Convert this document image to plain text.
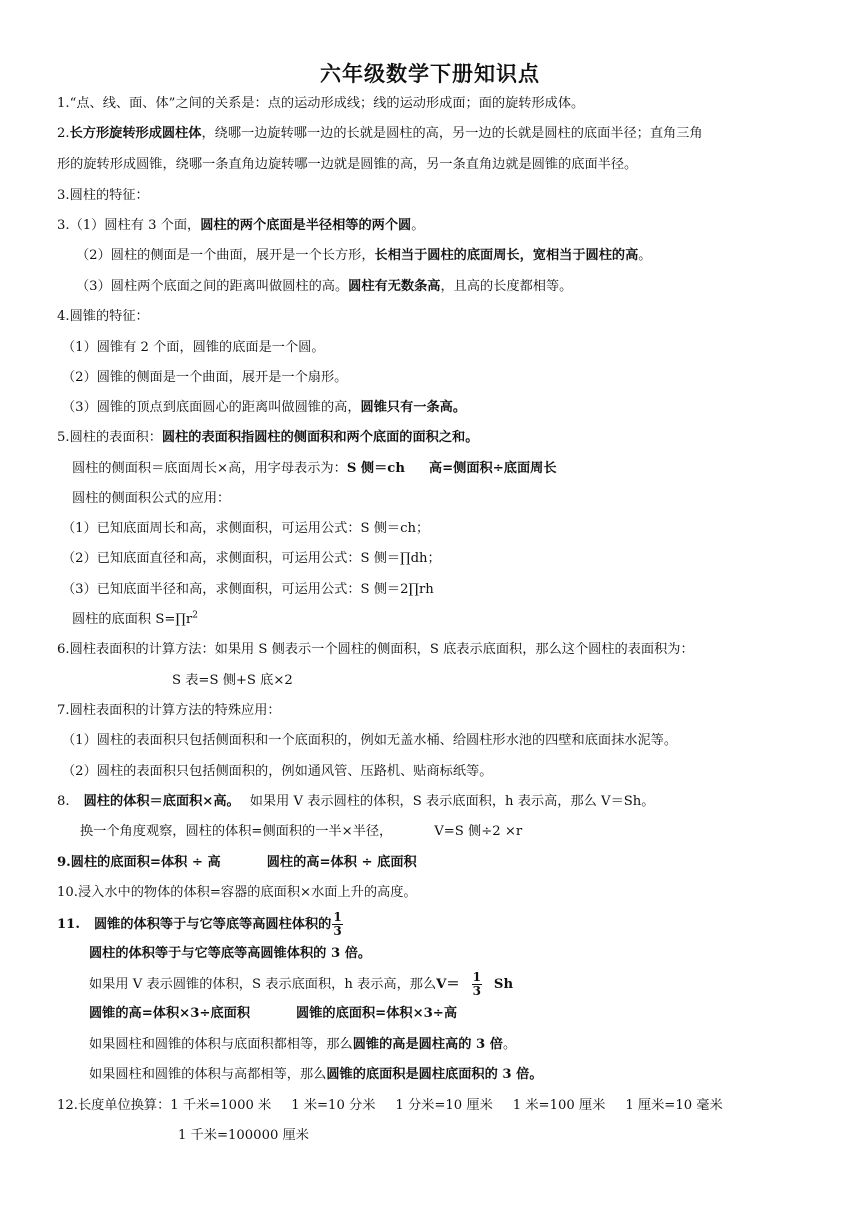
六年级数学下册知识点
1.“点、线、面、体”之间的关系是：点的运动形成线；线的运动形成面；面的旋转形成体。
2.长方形旋转形成圆柱体，绕哪一边旋转哪一边的长就是圆柱的高，另一边的长就是圆柱的底面半径；直角三角
形的旋转形成圆锥，绕哪一条直角边旋转哪一边就是圆锥的高，另一条直角边就是圆锥的底面半径。
3.圆柱的特征：
3.（1）圆柱有 3 个面，圆柱的两个底面是半径相等的两个圆。
（2）圆柱的侧面是一个曲面，展开是一个长方形，长相当于圆柱的底面周长，宽相当于圆柱的高。
（3）圆柱两个底面之间的距离叫做圆柱的高。圆柱有无数条高，且高的长度都相等。
4.圆锥的特征：
（1）圆锥有 2 个面，圆锥的底面是一个圆。
（2）圆锥的侧面是一个曲面，展开是一个扇形。
（3）圆锥的顶点到底面圆心的距离叫做圆锥的高，圆锥只有一条高。
5.圆柱的表面积：圆柱的表面积指圆柱的侧面积和两个底面的面积之和。
圆柱的侧面积＝底面周长×高，用字母表示为：S 侧＝ch 高=侧面积÷底面周长
圆柱的侧面积公式的应用：
（1）已知底面周长和高，求侧面积，可运用公式：S 侧＝ch；
（2）已知底面直径和高，求侧面积，可运用公式：S 侧＝∏dh；
（3）已知底面半径和高，求侧面积，可运用公式：S 侧＝2∏rh
圆柱的底面积 $S=\prod r^2$
6.圆柱表面积的计算方法：如果用 S 侧表示一个圆柱的侧面积，S 底表示底面积，那么这个圆柱的表面积为：
S 表=S 侧+S 底×2
7.圆柱表面积的计算方法的特殊应用：
（1）圆柱的表面积只包括侧面积和一个底面积的，例如无盖水桶、给圆柱形水池的四壁和底面抹水泥等。
（2）圆柱的表面积只包括侧面积的，例如通风管、压路机、贴商标纸等。
8. 圆柱的体积＝底面积×高。 如果用 V 表示圆柱的体积，S 表示底面积，h 表示高，那么 V＝Sh。
换一个角度观察，圆柱的体积=侧面积的一半×半径，	V=S 侧÷2 ×r
9.圆柱的底面积=体积 ÷ 高	圆柱的高=体积 ÷ 底面积
10.浸入水中的物体的体积=容器的底面积×水面上升的高度。
11. 圆锥的体积等于与它等底等高圆柱体积的 $\frac{1}{3}$
圆柱的体积等于与它等底等高圆锥体积的 3 倍。
如果用 V 表示圆锥的体积，S 表示底面积，h 表示高，那么$V= \frac{1}{3}$ Sh
圆锥的高=体积×3÷底面积	圆锥的底面积=体积×3÷高
如果圆柱和圆锥的体积与底面积都相等，那么圆锥的高是圆柱高的 3 倍。
如果圆柱和圆锥的体积与高都相等，那么圆锥的底面积是圆柱底面积的 3 倍。
12.长度单位换算：1 千米=1000 米 1 米=10 分米 1 分米=10 厘米 1 米=100 厘米 1 厘米=10 毫米
1 千米=100000 厘米
